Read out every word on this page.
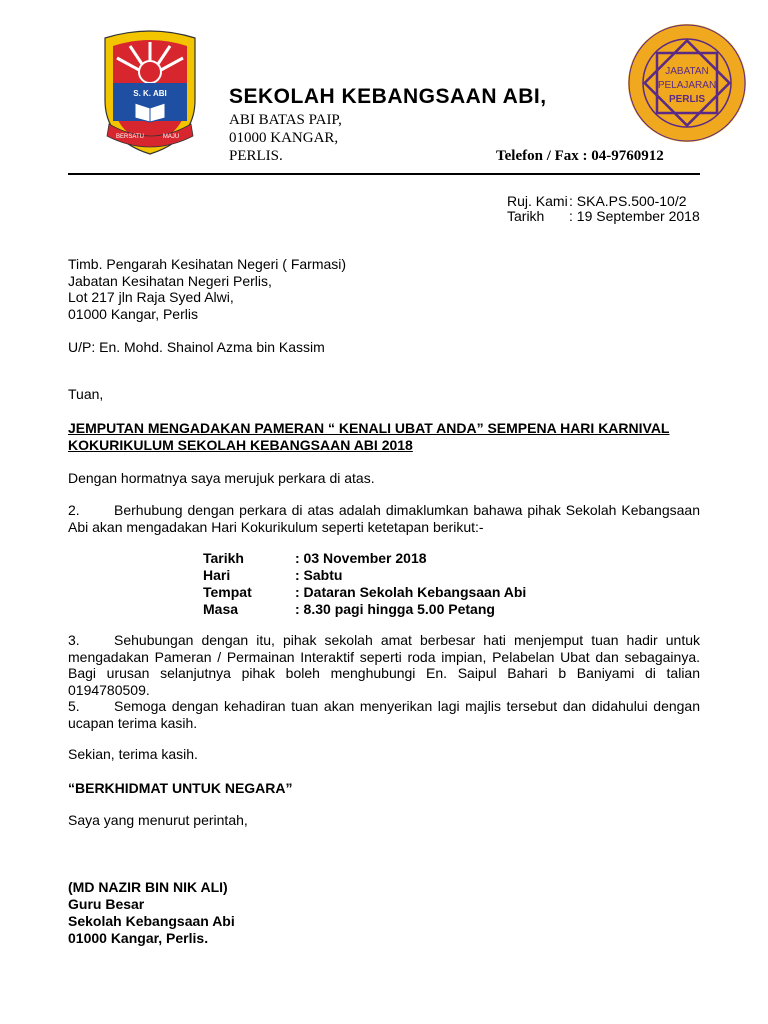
S. K. ABI
BERSATU	MAJU
JABATAN
PELAJARAN
PERLIS
SEKOLAH KEBANGSAAN ABI,
ABI BATAS PAIP,
01000 KANGAR,
PERLIS.	Telefon / Fax : 04-9760912
Ruj. Kami: SKA.PS.500-10/2
Tarikh : 19 September 2018
Timb. Pengarah Kesihatan Negeri ( Farmasi)
Jabatan Kesihatan Negeri Perlis,
Lot 217 jln Raja Syed Alwi,
01000 Kangar, Perlis
U/P: En. Mohd. Shainol Azma bin Kassim
Tuan,
JEMPUTAN MENGADAKAN PAMERAN “ KENALI UBAT ANDA” SEMPENA HARI KARNIVAL
KOKURIKULUM SEKOLAH KEBANGSAAN ABI 2018
Dengan hormatnya saya merujuk perkara di atas.
2. Berhubung dengan perkara di atas adalah dimaklumkan bahawa pihak Sekolah Kebangsaan Abi akan mengadakan Hari Kokurikulum seperti ketetapan berikut:-
Tarikh	: 03 November 2018
Hari	: Sabtu
Tempat	: Dataran Sekolah Kebangsaan Abi
Masa	: 8.30 pagi hingga 5.00 Petang
3. Sehubungan dengan itu, pihak sekolah amat berbesar hati menjemput tuan hadir untuk mengadakan Pameran / Permainan Interaktif seperti roda impian, Pelabelan Ubat dan sebagainya. Bagi urusan selanjutnya pihak boleh menghubungi En. Saipul Bahari b Baniyami di talian 0194780509.
5. Semoga dengan kehadiran tuan akan menyerikan lagi majlis tersebut dan didahului dengan ucapan terima kasih.
Sekian, terima kasih.
“BERKHIDMAT UNTUK NEGARA”
Saya yang menurut perintah,
(MD NAZIR BIN NIK ALI)
Guru Besar
Sekolah Kebangsaan Abi
01000 Kangar, Perlis.
